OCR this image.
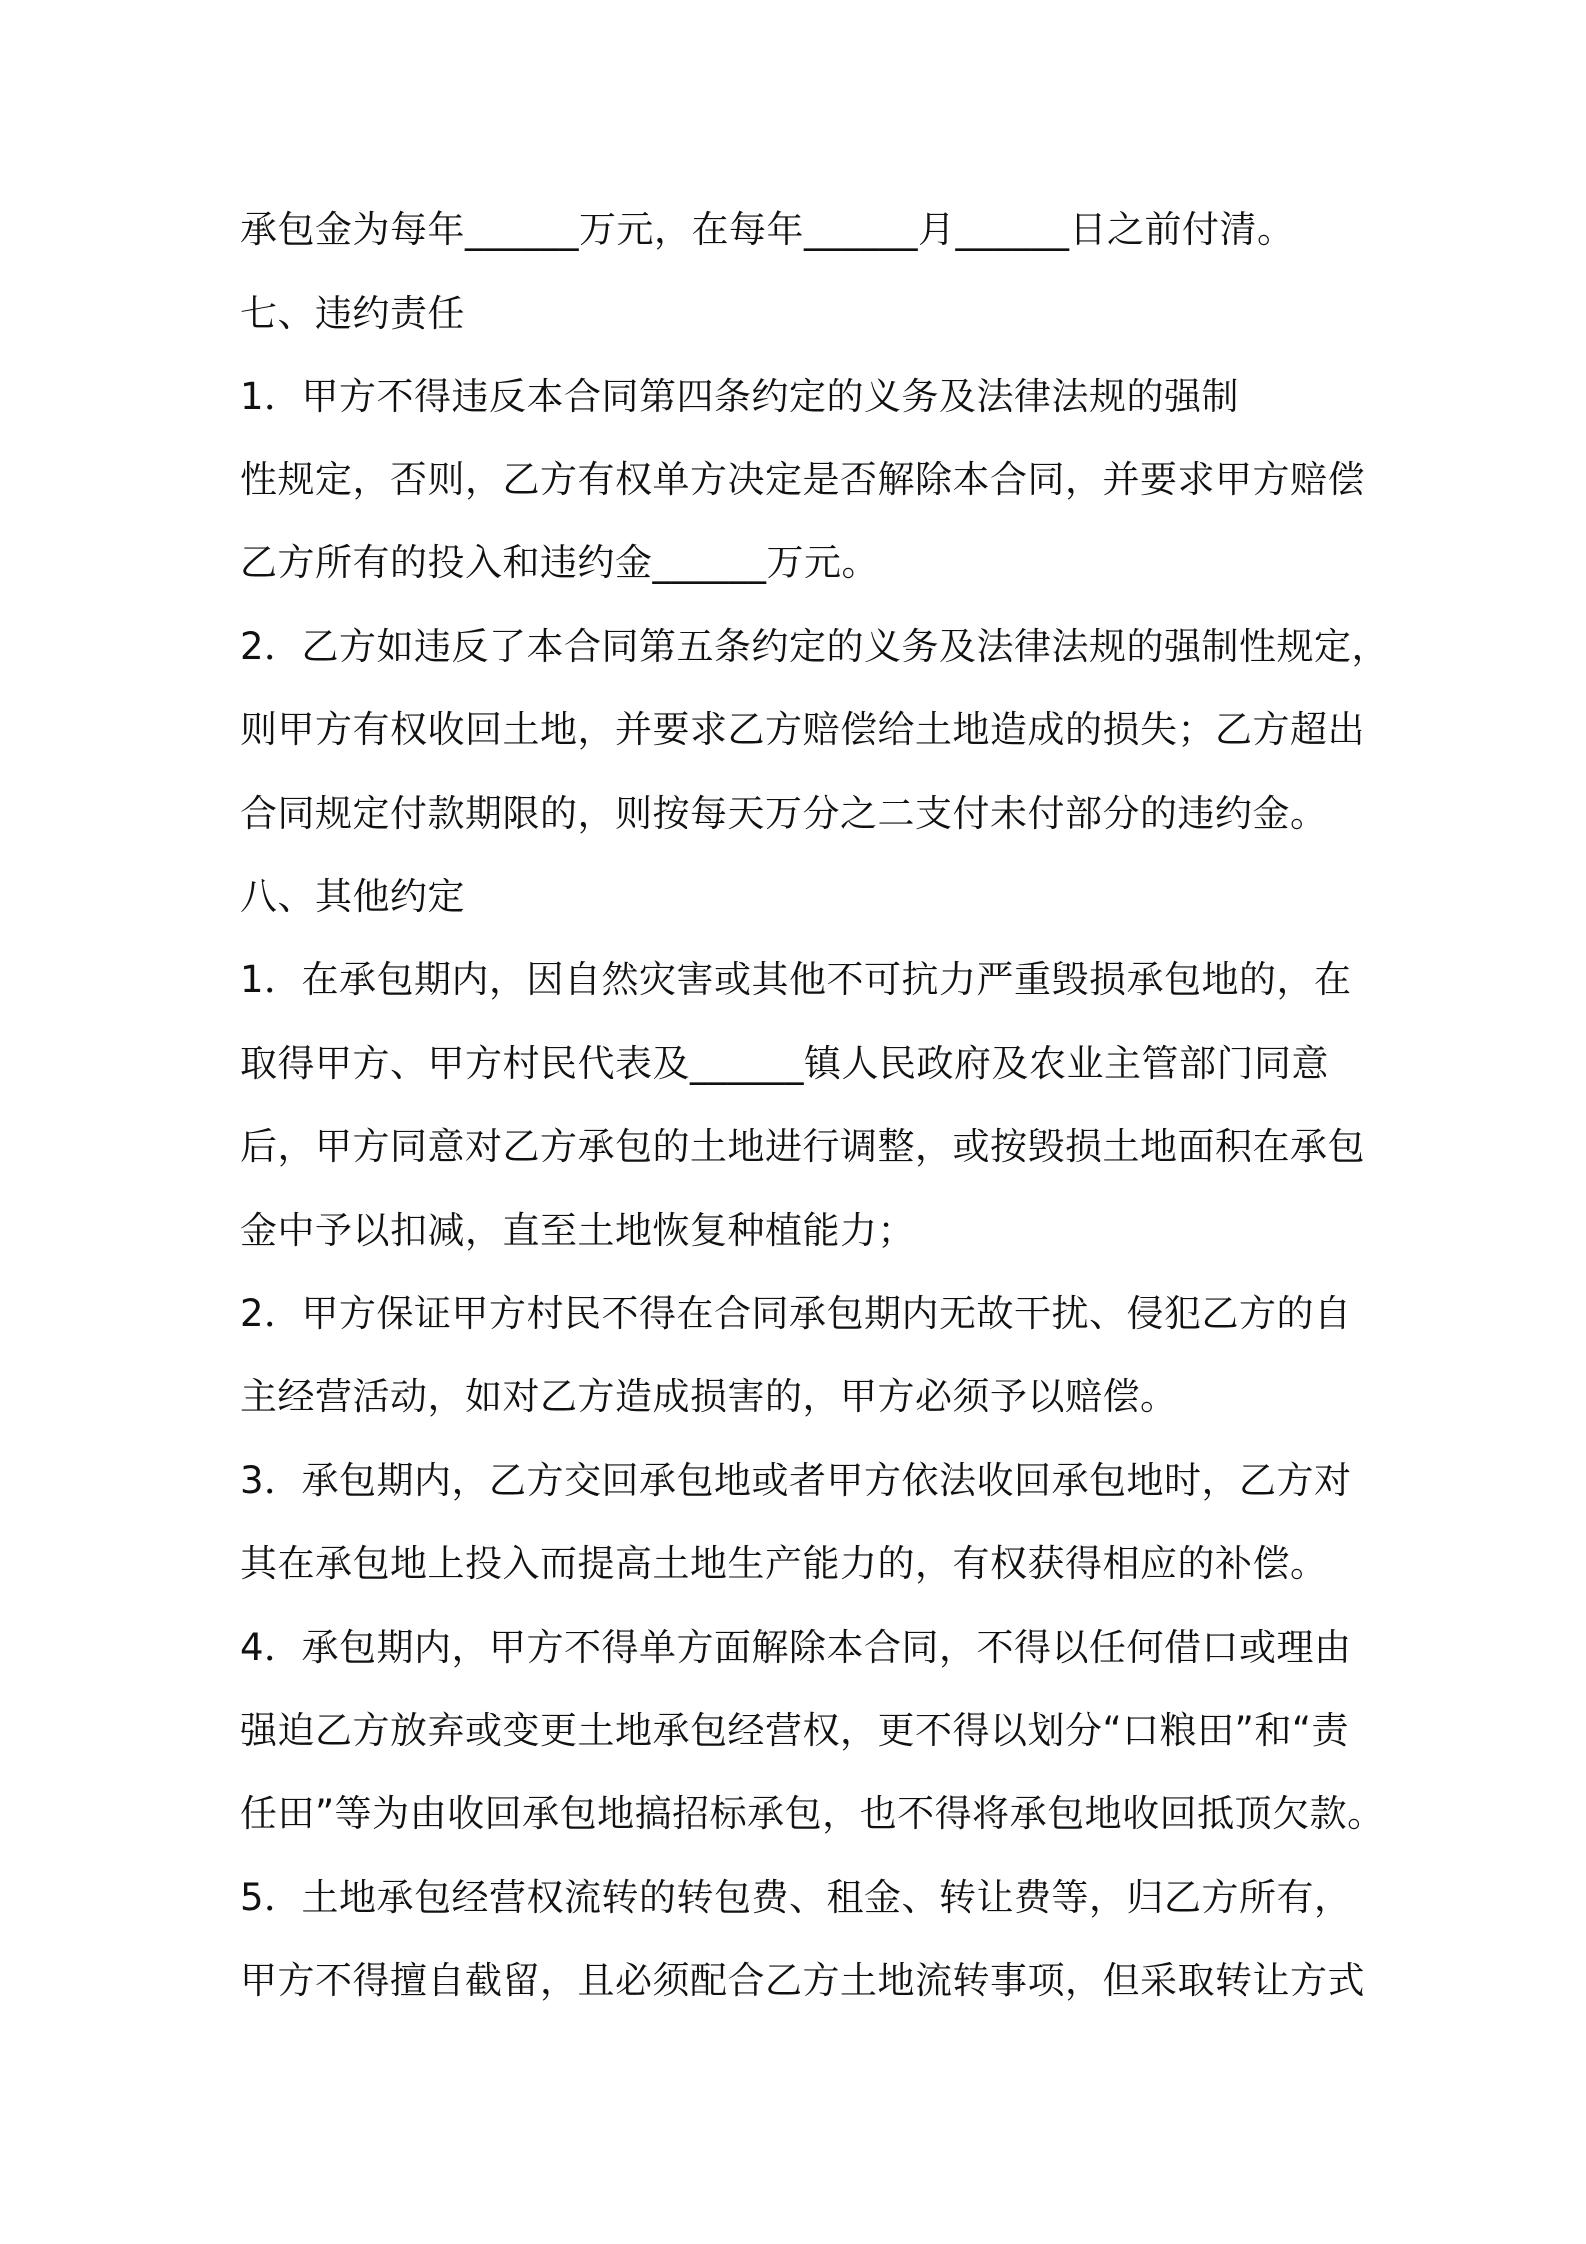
承包金为每年______万元，在每年______月______日之前付清。

七、违约责任

1．甲方不得违反本合同第四条约定的义务及法律法规的强制

性规定，否则，乙方有权单方决定是否解除本合同，并要求甲方赔偿

乙方所有的投入和违约金______万元。

2．乙方如违反了本合同第五条约定的义务及法律法规的强制性规定，

则甲方有权收回土地，并要求乙方赔偿给土地造成的损失；乙方超出

合同规定付款期限的，则按每天万分之二支付未付部分的违约金。

八、其他约定

1．在承包期内，因自然灾害或其他不可抗力严重毁损承包地的，在

取得甲方、甲方村民代表及______镇人民政府及农业主管部门同意

后，甲方同意对乙方承包的土地进行调整，或按毁损土地面积在承包

金中予以扣减，直至土地恢复种植能力；

2．甲方保证甲方村民不得在合同承包期内无故干扰、侵犯乙方的自

主经营活动，如对乙方造成损害的，甲方必须予以赔偿。

3．承包期内，乙方交回承包地或者甲方依法收回承包地时，乙方对

其在承包地上投入而提高土地生产能力的，有权获得相应的补偿。

4．承包期内，甲方不得单方面解除本合同，不得以任何借口或理由

强迫乙方放弃或变更土地承包经营权，更不得以划分“口粮田”和“责

任田”等为由收回承包地搞招标承包，也不得将承包地收回抵顶欠款。

5．土地承包经营权流转的转包费、租金、转让费等，归乙方所有，

甲方不得擅自截留，且必须配合乙方土地流转事项，但采取转让方式
